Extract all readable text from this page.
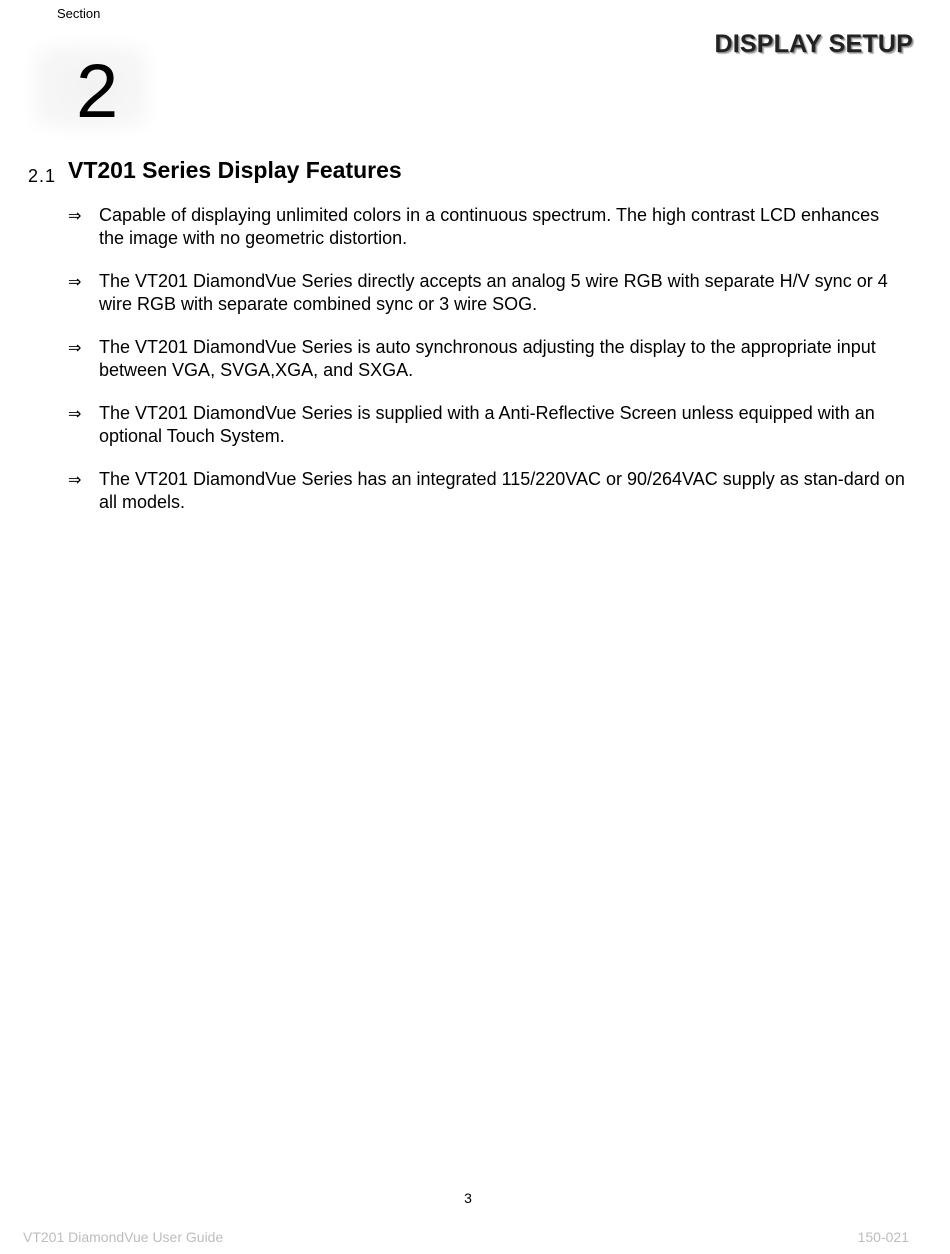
Section
2
DISPLAY SETUP
2.1 VT201 Series Display Features
⇒ Capable of displaying unlimited colors in a continuous spectrum. The high contrast LCD enhances the image with no geometric distortion.
⇒ The VT201 DiamondVue Series directly accepts an analog 5 wire RGB with separate H/V sync or 4 wire RGB with separate combined sync or 3 wire SOG.
⇒ The VT201 DiamondVue Series is auto synchronous adjusting the display to the appropriate input between VGA, SVGA,XGA, and SXGA.
⇒ The VT201 DiamondVue Series is supplied with a Anti-Reflective Screen unless equipped with an optional Touch System.
⇒ The VT201 DiamondVue Series has an integrated 115/220VAC or 90/264VAC supply as stan-dard on all models.
3
VT201 DiamondVue User Guide	150-021
